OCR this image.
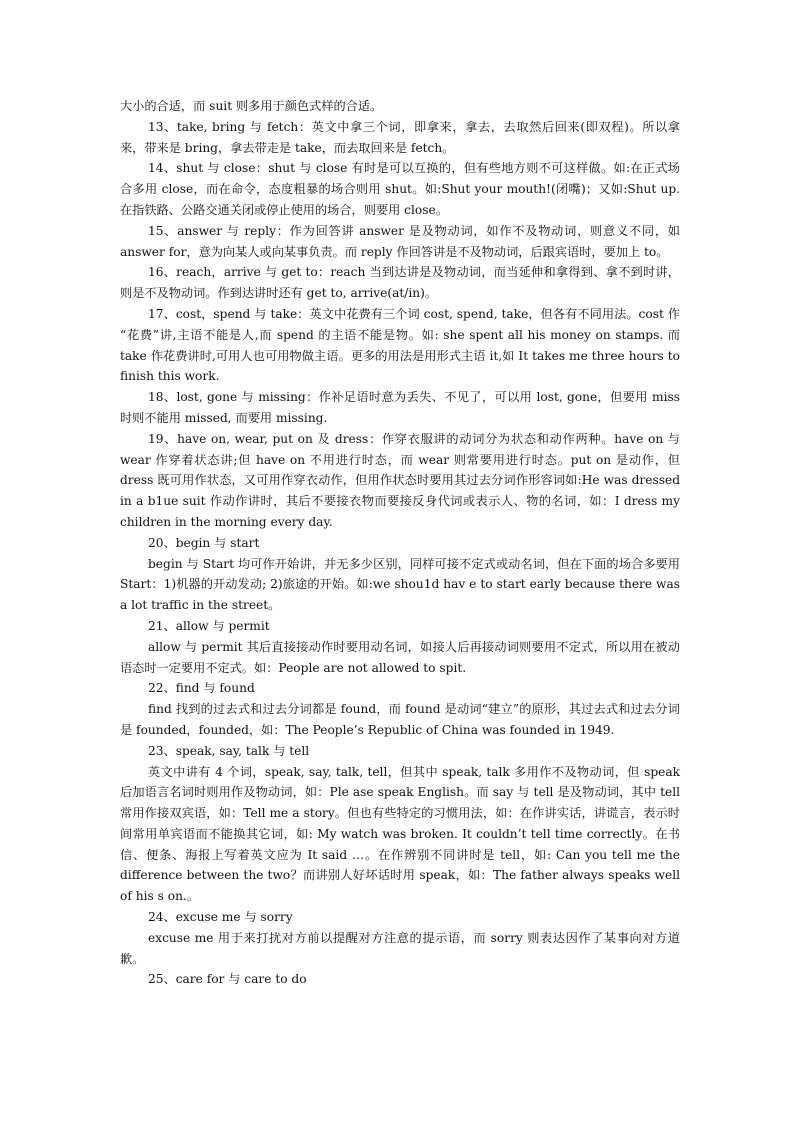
大小的合适，而 suit 则多用于颜色式样的合适。

13、take, bring 与 fetch：英文中拿三个词，即拿来，拿去，去取然后回来(即双程)。所以拿来，带来是 bring，拿去带走是 take，而去取回来是 fetch。

14、shut 与 close：shut 与 close 有时是可以互换的，但有些地方则不可这样做。如:在正式场合多用 close，而在命令，态度粗暴的场合则用 shut。如:Shut your mouth!(闭嘴)；又如:Shut up. 在指铁路、公路交通关闭或停止使用的场合，则要用 close。

15、answer 与 reply：作为回答讲 answer 是及物动词，如作不及物动词，则意义不同，如 answer for，意为向某人或向某事负责。而 reply 作回答讲是不及物动词，后跟宾语时，要加上 to。

16、reach，arrive 与 get to：reach 当到达讲是及物动词，而当延伸和拿得到、拿不到时讲，则是不及物动词。作到达讲时还有 get to, arrive(at/in)。

17、cost，spend 与 take：英文中花费有三个词 cost, spend, take，但各有不同用法。cost 作 “花费”讲,主语不能是人,而 spend 的主语不能是物。如: she spent all his money on stamps. 而 take 作花费讲时,可用人也可用物做主语。更多的用法是用形式主语 it,如 It takes me three hours to finish this work.

18、lost, gone 与 missing：作补足语时意为丢失、不见了，可以用 lost, gone，但要用 miss 时则不能用 missed, 而要用 missing.

19、have on, wear, put on 及 dress：作穿衣服讲的动词分为状态和动作两种。have on 与 wear 作穿着状态讲;但 have on 不用进行时态，而 wear 则常要用进行时态。put on 是动作，但 dress 既可用作状态，又可用作穿衣动作，但用作状态时要用其过去分词作形容词如:He was dressed in a b1ue suit 作动作讲时，其后不要接衣物而要接反身代词或表示人、物的名词，如：I dress my children in the morning every day.

20、begin 与 start

begin 与 Start 均可作开始讲，并无多少区别，同样可接不定式或动名词，但在下面的场合多要用 Start：1)机器的开动发动; 2)旅途的开始。如:we shou1d hav e to start early because there was a lot traffic in the street。

21、allow 与 permit

allow 与 permit 其后直接接动作时要用动名词，如接人后再接动词则要用不定式，所以用在被动语态时一定要用不定式。如：People are not allowed to spit.

22、find 与 found

find 找到的过去式和过去分词都是 found，而 found 是动词“建立”的原形，其过去式和过去分词是 founded，founded，如：The People’s Republic of China was founded in 1949.

23、speak, say, talk 与 tell

英文中讲有 4 个词，speak, say, talk, tell，但其中 speak, talk 多用作不及物动词，但 speak 后加语言名词时则用作及物动词，如：Ple ase speak English。而 say 与 tell 是及物动词，其中 tell 常用作接双宾语，如：Tell me a story。但也有些特定的习惯用法，如：在作讲实话，讲谎言，表示时间常用单宾语而不能换其它词，如: My watch was broken. It couldn’t tell time correctly。在书信、便条、海报上写着英文应为 It said …。在作辨别不同讲时是 tell，如: Can you tell me the difference between the two？而讲别人好坏话时用 speak，如：The father always speaks well of his s on.。

24、excuse me 与 sorry

excuse me 用于来打扰对方前以提醒对方注意的提示语，而 sorry 则表达因作了某事向对方道歉。

25、care for 与 care to do
